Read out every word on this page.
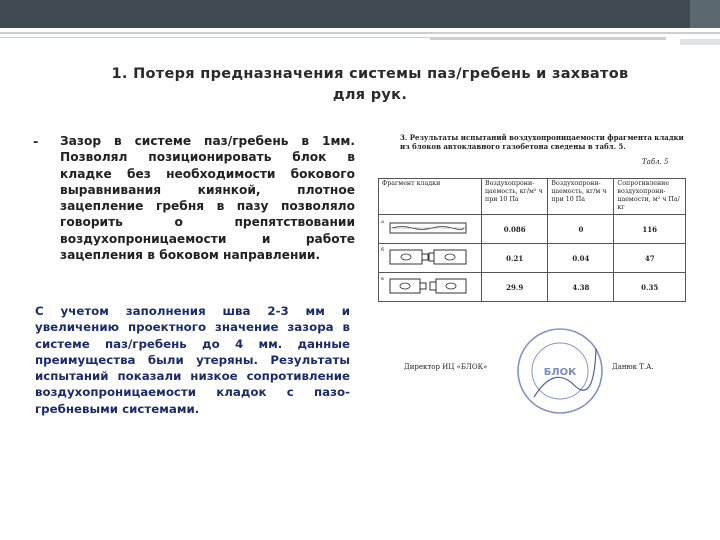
1. Потеря предназначения системы паз/гребень и захватов
для рук.
- Зазор в системе паз/гребень в 1мм. Позволял позиционировать блок в кладке без необходимости бокового выравнивания киянкой, плотное зацепление гребня в пазу позволяло говорить о препятствовании воздухопроницаемости и работе зацепления в боковом направлении.
С учетом заполнения шва 2-3 мм и увеличению проектного значение зазора в системе паз/гребень до 4 мм. данные преимущества были утеряны. Результаты испытаний показали низкое сопротивление воздухопроницаемости кладок с пазо-гребневыми системами.
3. Результаты испытаний воздухопроницаемости фрагмента кладки из блоков автоклавного газобетона сведены в табл. 5.
Табл. 5
Фрагмент кладки	Воздухопрони-цаемость, кг/м² ч при 10 Па	Воздухопрони-цаемость, кг/м ч при 10 Па	Сопротивление воздухопрони-цаемости, м² ч Па/кг
$^а$	0.086	0	116
$^б$	0.21	0.04	47
$^в$	29.9	4.38	0.35
БЛОК
Директор ИЦ «БЛОК»	Данюк Т.А.
